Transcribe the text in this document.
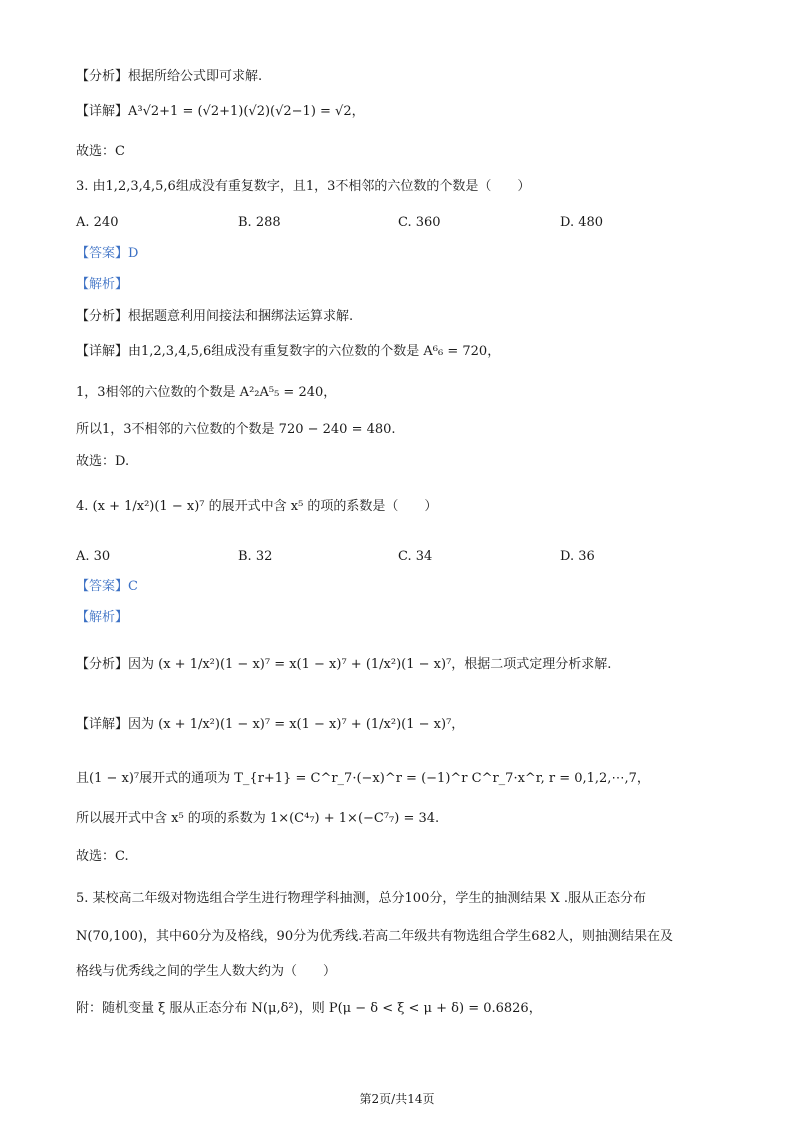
【分析】根据所给公式即可求解.
【详解】A³√2+1 = (√2+1)(√2)(√2−1) = √2，
故选：C
3. 由1,2,3,4,5,6组成没有重复数字，且1，3不相邻的六位数的个数是（　　）
A. 240	B. 288	C. 360	D. 480
【答案】D
【解析】
【分析】根据题意利用间接法和捆绑法运算求解.
【详解】由1,2,3,4,5,6组成没有重复数字的六位数的个数是 A⁶₆ = 720，
1，3相邻的六位数的个数是 A²₂A⁵₅ = 240，
所以1，3不相邻的六位数的个数是 720 − 240 = 480.
故选：D.
4. (x + 1/x²)(1 − x)⁷ 的展开式中含 x⁵ 的项的系数是（　　）
A. 30	B. 32	C. 34	D. 36
【答案】C
【解析】
【分析】因为 (x + 1/x²)(1 − x)⁷ = x(1 − x)⁷ + (1/x²)(1 − x)⁷，根据二项式定理分析求解.
【详解】因为 (x + 1/x²)(1 − x)⁷ = x(1 − x)⁷ + (1/x²)(1 − x)⁷，
且(1 − x)⁷展开式的通项为 T_{r+1} = C^r_7·(−x)^r = (−1)^r C^r_7·x^r, r = 0,1,2,⋯,7，
所以展开式中含 x⁵ 的项的系数为 1×(C⁴₇) + 1×(−C⁷₇) = 34.
故选：C.
5. 某校高二年级对物选组合学生进行物理学科抽测，总分100分，学生的抽测结果 X .服从正态分布
N(70,100)，其中60分为及格线，90分为优秀线.若高二年级共有物选组合学生682人，则抽测结果在及
格线与优秀线之间的学生人数大约为（　　）
附：随机变量 ξ 服从正态分布 N(μ,δ²)，则 P(μ − δ < ξ < μ + δ) = 0.6826，
第2页/共14页
